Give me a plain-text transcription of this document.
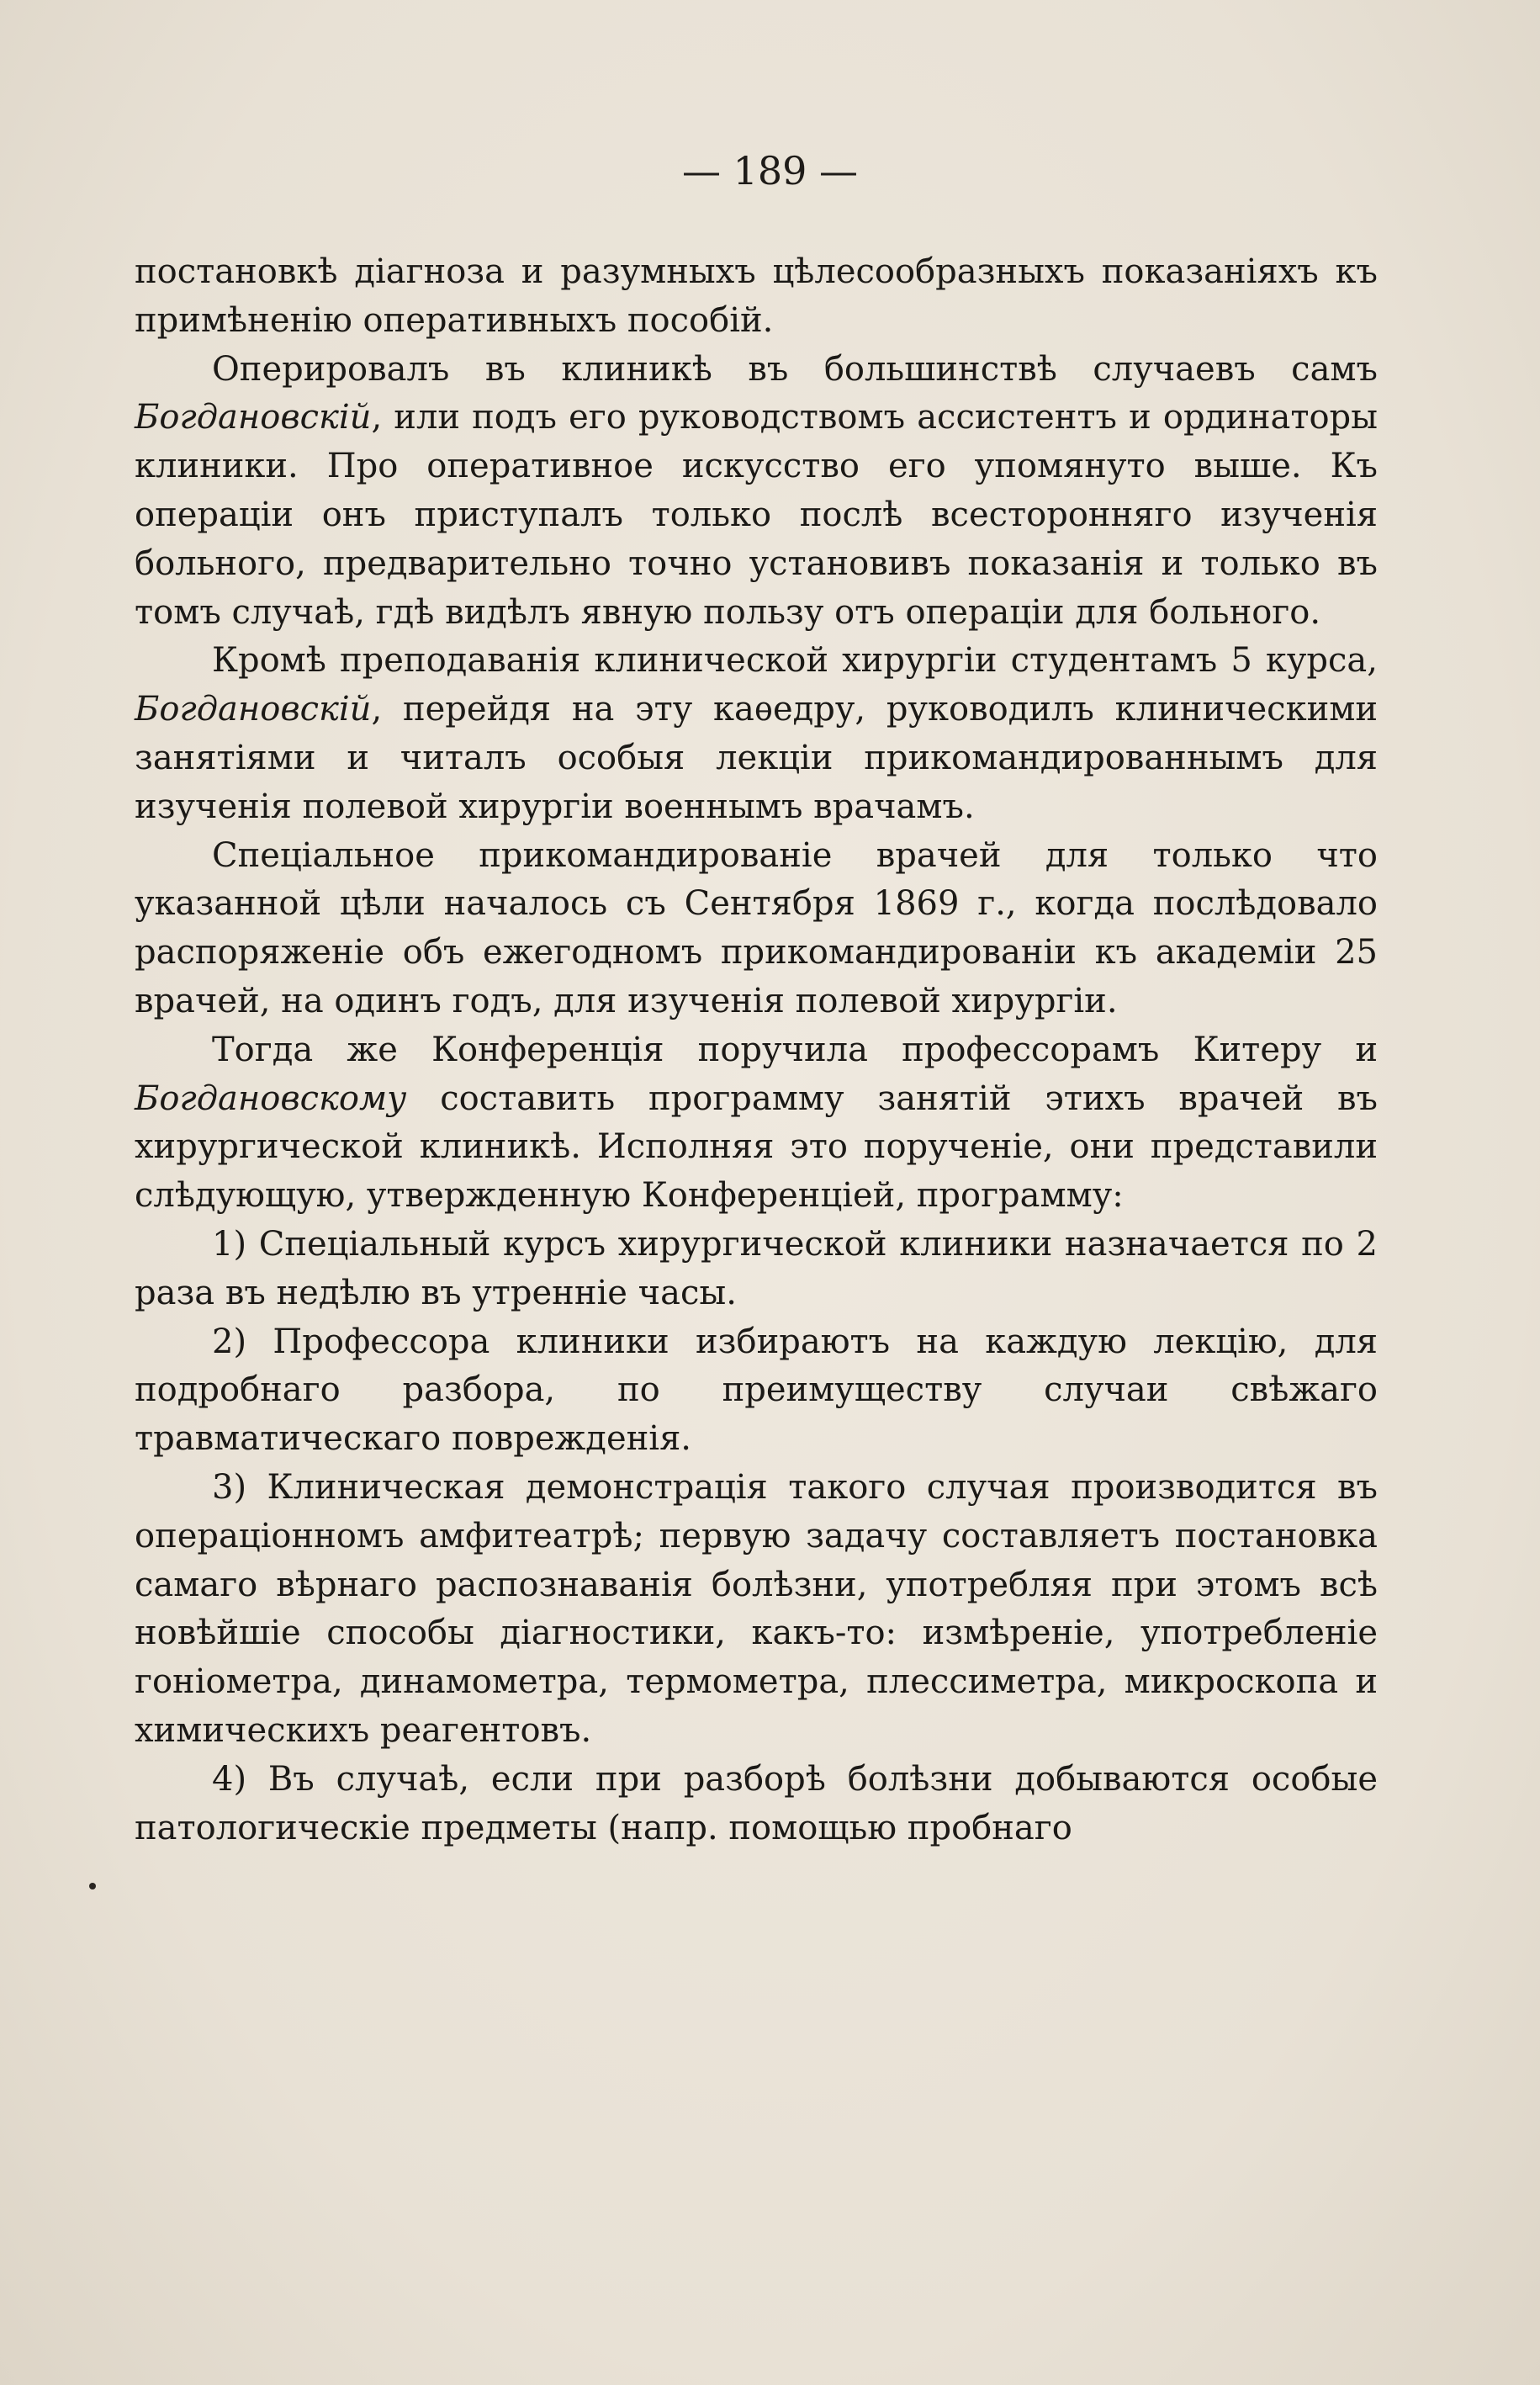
— 189 —

постановкѣ діагноза и разумныхъ цѣлесообразныхъ показаніяхъ къ примѣненію оперативныхъ пособій.

Оперировалъ въ клиникѣ въ большинствѣ случаевъ самъ Богдановскій, или подъ его руководствомъ ассистентъ и ординаторы клиники. Про оперативное искусство его упомянуто выше. Къ операціи онъ приступалъ только послѣ всесторонняго изученія больного, предварительно точно установивъ показанія и только въ томъ случаѣ, гдѣ видѣлъ явную пользу отъ операціи для больного.

Кромѣ преподаванія клинической хирургіи студентамъ 5 курса, Богдановскій, перейдя на эту каѳедру, руководилъ клиническими занятіями и читалъ особыя лекціи прикомандированнымъ для изученія полевой хирургіи военнымъ врачамъ.

Спеціальное прикомандированіе врачей для только что указанной цѣли началось съ Сентября 1869 г., когда послѣдовало распоряженіе объ ежегодномъ прикомандированіи къ академіи 25 врачей, на одинъ годъ, для изученія полевой хирургіи.

Тогда же Конференція поручила профессорамъ Китеру и Богдановскому составить программу занятій этихъ врачей въ хирургической клиникѣ. Исполняя это порученіе, они представили слѣдующую, утвержденную Конференціей, программу:

1) Спеціальный курсъ хирургической клиники назначается по 2 раза въ недѣлю въ утренніе часы.

2) Профессора клиники избираютъ на каждую лекцію, для подробнаго разбора, по преимуществу случаи свѣжаго травматическаго поврежденія.

3) Клиническая демонстрація такого случая производится въ операціонномъ амфитеатрѣ; первую задачу составляетъ постановка самаго вѣрнаго распознаванія болѣзни, употребляя при этомъ всѣ новѣйшіе способы діагностики, какъ-то: измѣреніе, употребленіе гоніометра, динамометра, термометра, плессиметра, микроскопа и химическихъ реагентовъ.

4) Въ случаѣ, если при разборѣ болѣзни добываются особые патологическіе предметы (напр. помощью пробнаго
